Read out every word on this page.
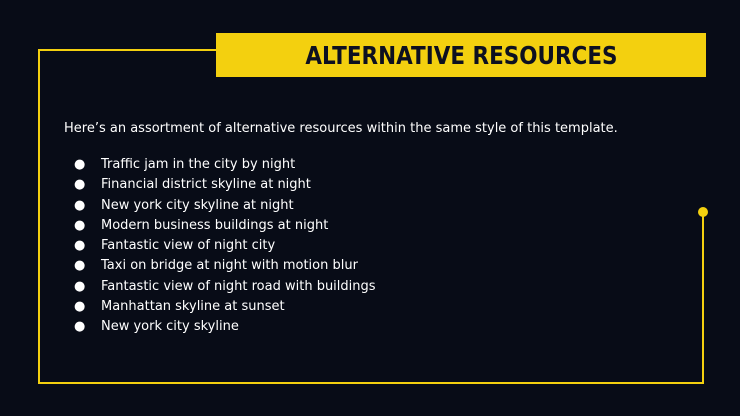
ALTERNATIVE RESOURCES
Here’s an assortment of alternative resources within the same style of this template.
●	Traffic jam in the city by night
●	Financial district skyline at night
●	New york city skyline at night
●	Modern business buildings at night
●	Fantastic view of night city
●	Taxi on bridge at night with motion blur
●	Fantastic view of night road with buildings
●	Manhattan skyline at sunset
●	New york city skyline
